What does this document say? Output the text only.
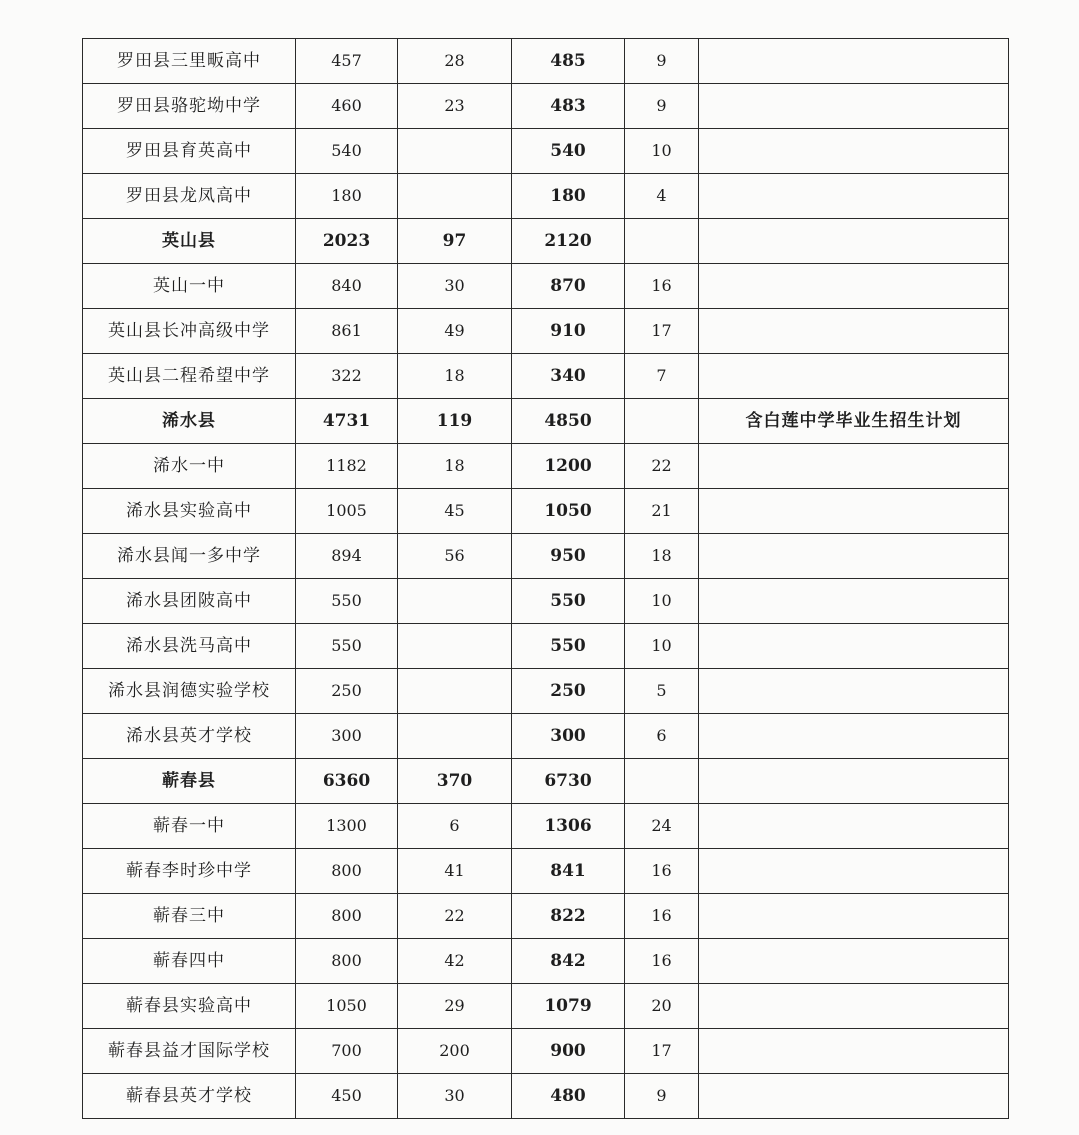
罗田县三里畈高中	457	28	485	9	
罗田县骆驼坳中学	460	23	483	9	
罗田县育英高中	540		540	10	
罗田县龙凤高中	180		180	4	
英山县	2023	97	2120		
英山一中	840	30	870	16	
英山县长冲高级中学	861	49	910	17	
英山县二程希望中学	322	18	340	7	
浠水县	4731	119	4850		含白莲中学毕业生招生计划
浠水一中	1182	18	1200	22	
浠水县实验高中	1005	45	1050	21	
浠水县闻一多中学	894	56	950	18	
浠水县团陂高中	550		550	10	
浠水县洗马高中	550		550	10	
浠水县润德实验学校	250		250	5	
浠水县英才学校	300		300	6	
蕲春县	6360	370	6730		
蕲春一中	1300	6	1306	24	
蕲春李时珍中学	800	41	841	16	
蕲春三中	800	22	822	16	
蕲春四中	800	42	842	16	
蕲春县实验高中	1050	29	1079	20	
蕲春县益才国际学校	700	200	900	17	
蕲春县英才学校	450	30	480	9	
